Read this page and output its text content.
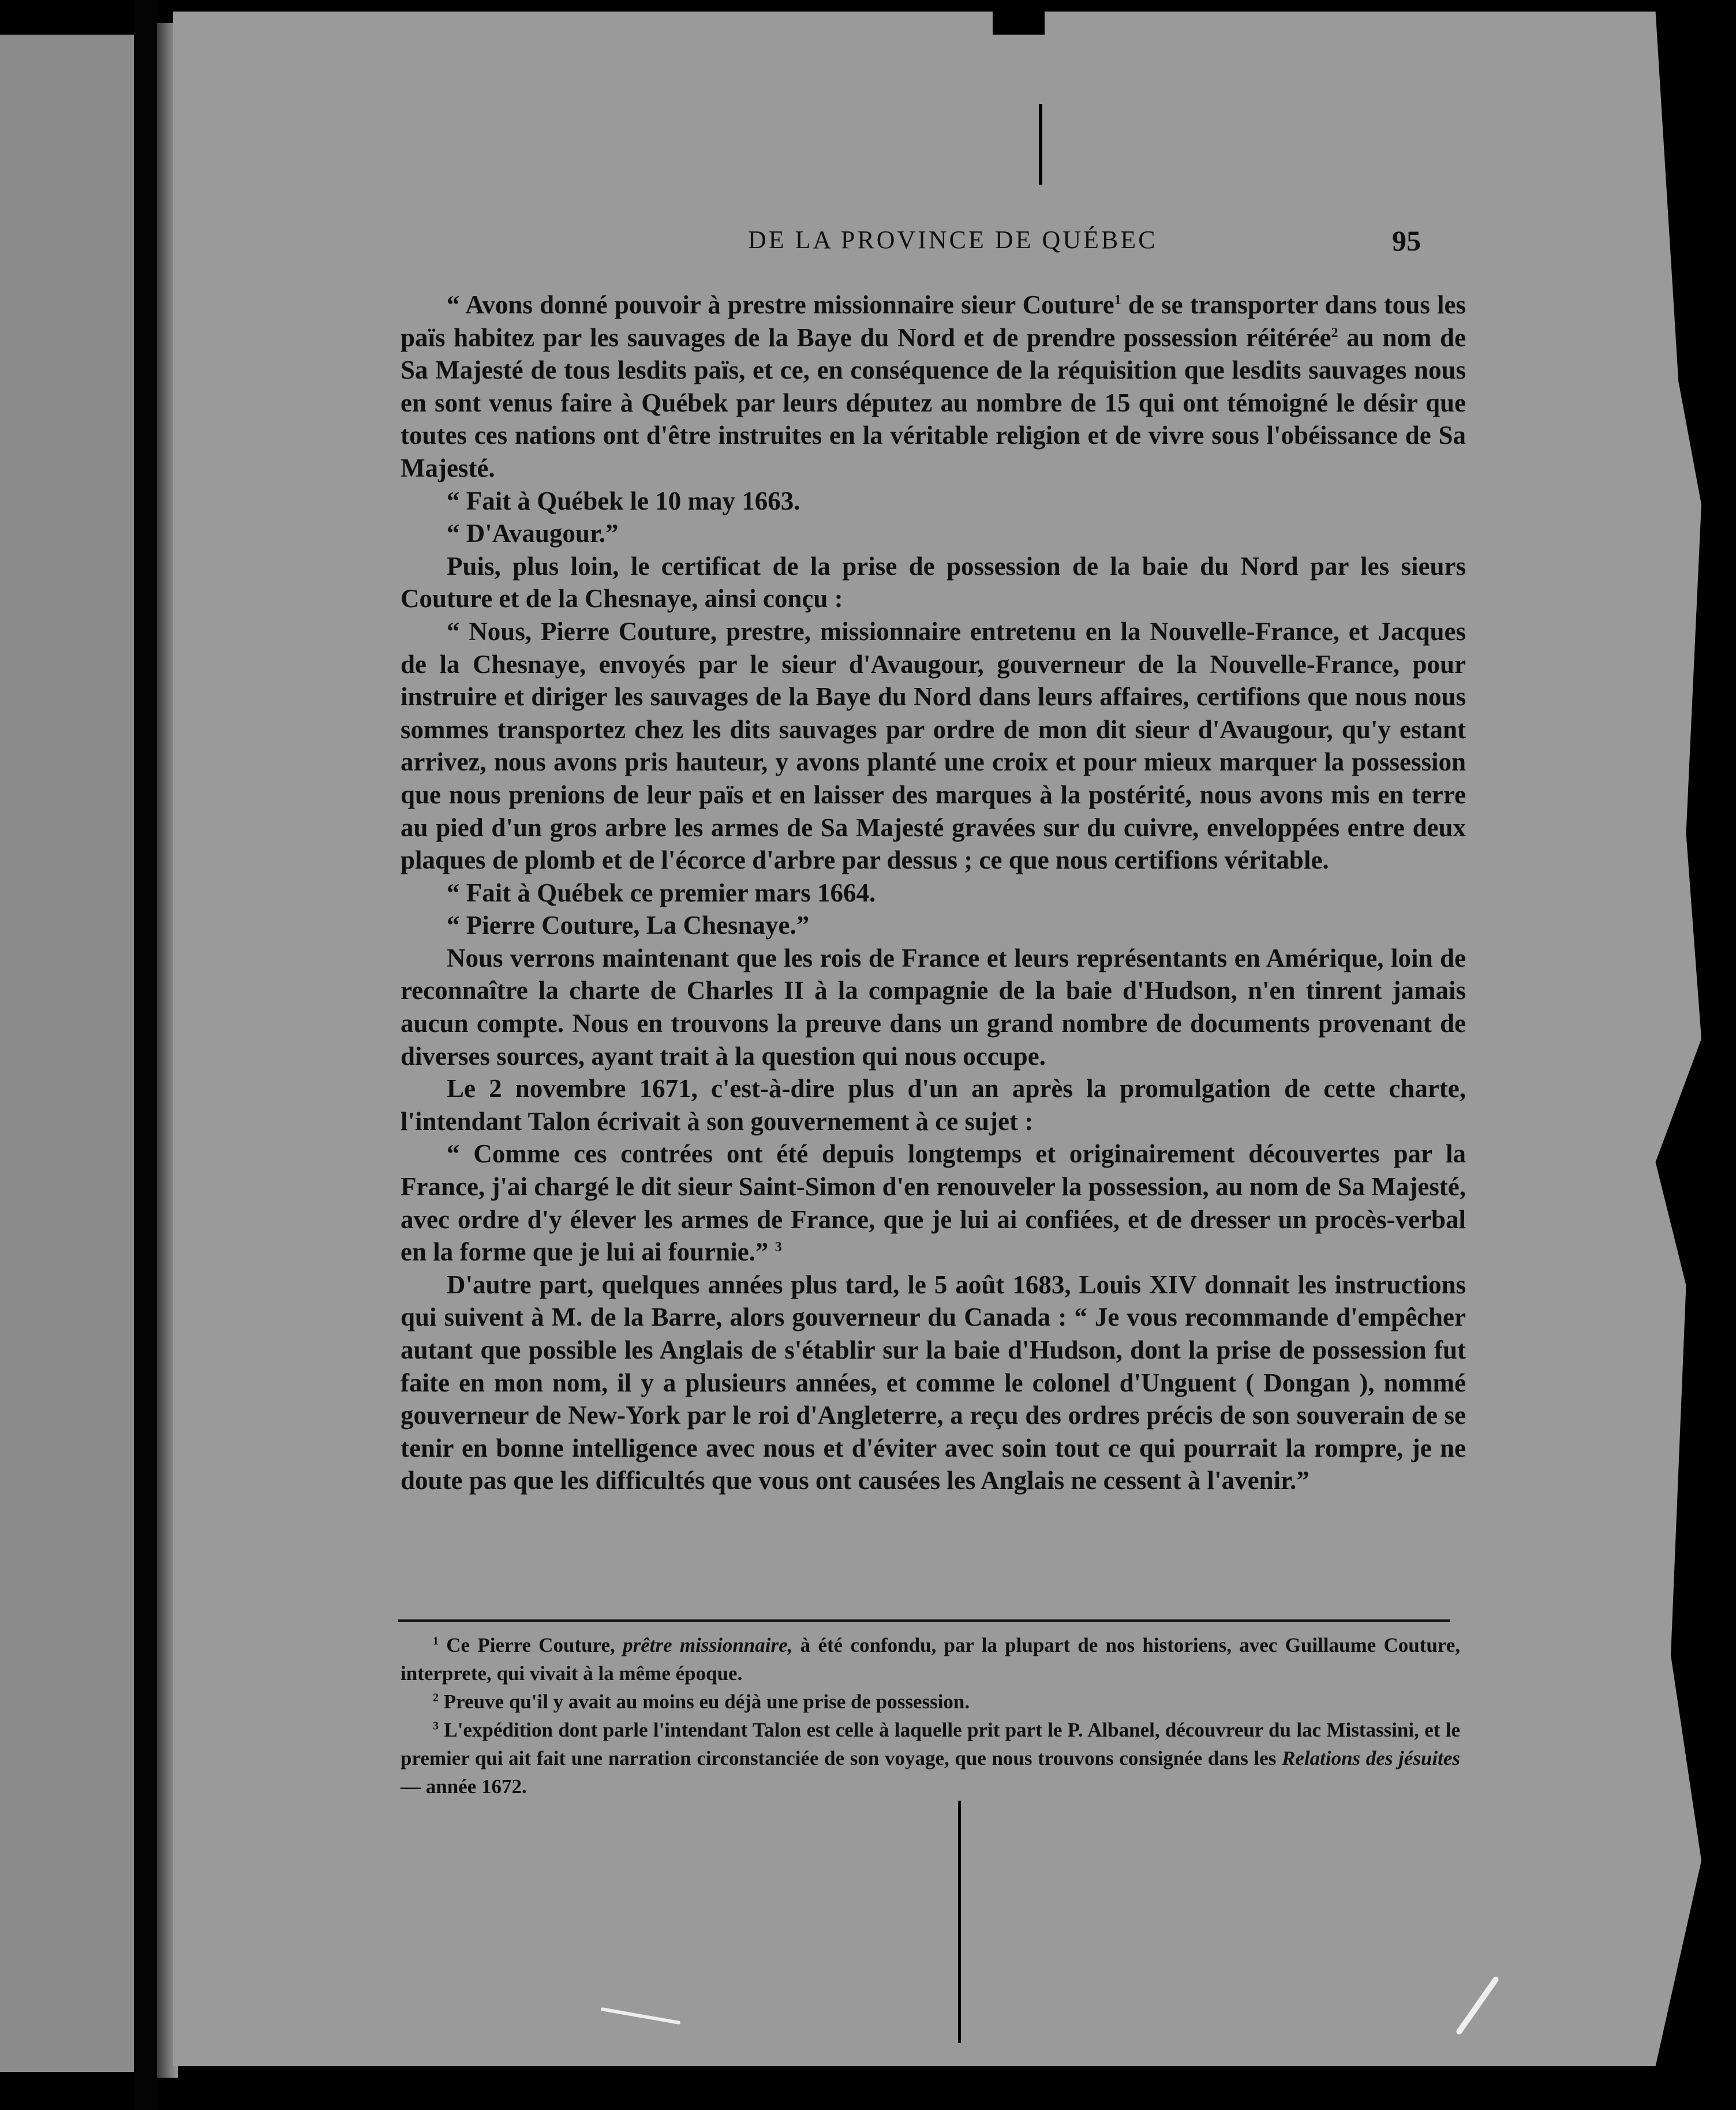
DE LA PROVINCE DE QUÉBEC	95

“ Avons donné pouvoir à prestre missionnaire sieur Couture$^1$ de se transporter dans tous les païs habitez par les sauvages de la Baye du Nord et de prendre possession réitérée$^2$ au nom de Sa Majesté de tous lesdits païs, et ce, en conséquence de la réquisition que lesdits sauvages nous en sont venus faire à Québek par leurs députez au nombre de 15 qui ont témoigné le désir que toutes ces nations ont d'être instruites en la véritable religion et de vivre sous l'obéissance de Sa Majesté.

“ Fait à Québek le 10 may 1663.

“ D'Avaugour.”

Puis, plus loin, le certificat de la prise de possession de la baie du Nord par les sieurs Couture et de la Chesnaye, ainsi conçu :

“ Nous, Pierre Couture, prestre, missionnaire entretenu en la Nouvelle-France, et Jacques de la Chesnaye, envoyés par le sieur d'Avaugour, gouverneur de la Nouvelle-France, pour instruire et diriger les sauvages de la Baye du Nord dans leurs affaires, certifions que nous nous sommes transportez chez les dits sauvages par ordre de mon dit sieur d'Avaugour, qu'y estant arrivez, nous avons pris hauteur, y avons planté une croix et pour mieux marquer la possession que nous prenions de leur païs et en laisser des marques à la postérité, nous avons mis en terre au pied d'un gros arbre les armes de Sa Majesté gravées sur du cuivre, enveloppées entre deux plaques de plomb et de l'écorce d'arbre par dessus ; ce que nous certifions véritable.

“ Fait à Québek ce premier mars 1664.

“ Pierre Couture, La Chesnaye.”

Nous verrons maintenant que les rois de France et leurs représentants en Amérique, loin de reconnaître la charte de Charles II à la compagnie de la baie d'Hudson, n'en tinrent jamais aucun compte. Nous en trouvons la preuve dans un grand nombre de documents provenant de diverses sources, ayant trait à la question qui nous occupe.

Le 2 novembre 1671, c'est-à-dire plus d'un an après la promulgation de cette charte, l'intendant Talon écrivait à son gouvernement à ce sujet :

“ Comme ces contrées ont été depuis longtemps et originairement découvertes par la France, j'ai chargé le dit sieur Saint-Simon d'en renouveler la possession, au nom de Sa Majesté, avec ordre d'y élever les armes de France, que je lui ai confiées, et de dresser un procès-verbal en la forme que je lui ai fournie.” $^3$

D'autre part, quelques années plus tard, le 5 août 1683, Louis XIV donnait les instructions qui suivent à M. de la Barre, alors gouverneur du Canada : “ Je vous recommande d'empêcher autant que possible les Anglais de s'établir sur la baie d'Hudson, dont la prise de possession fut faite en mon nom, il y a plusieurs années, et comme le colonel d'Unguent ( Dongan ), nommé gouverneur de New-York par le roi d'Angleterre, a reçu des ordres précis de son souverain de se tenir en bonne intelligence avec nous et d'éviter avec soin tout ce qui pourrait la rompre, je ne doute pas que les difficultés que vous ont causées les Anglais ne cessent à l'avenir.”

$^1$ Ce Pierre Couture, prêtre missionnaire, à été confondu, par la plupart de nos historiens, avec Guillaume Couture, interprete, qui vivait à la même époque.

$^2$ Preuve qu'il y avait au moins eu déjà une prise de possession.

$^3$ L'expédition dont parle l'intendant Talon est celle à laquelle prit part le P. Albanel, découvreur du lac Mistassini, et le premier qui ait fait une narration circonstanciée de son voyage, que nous trouvons consignée dans les Relations des jésuites — année 1672.
